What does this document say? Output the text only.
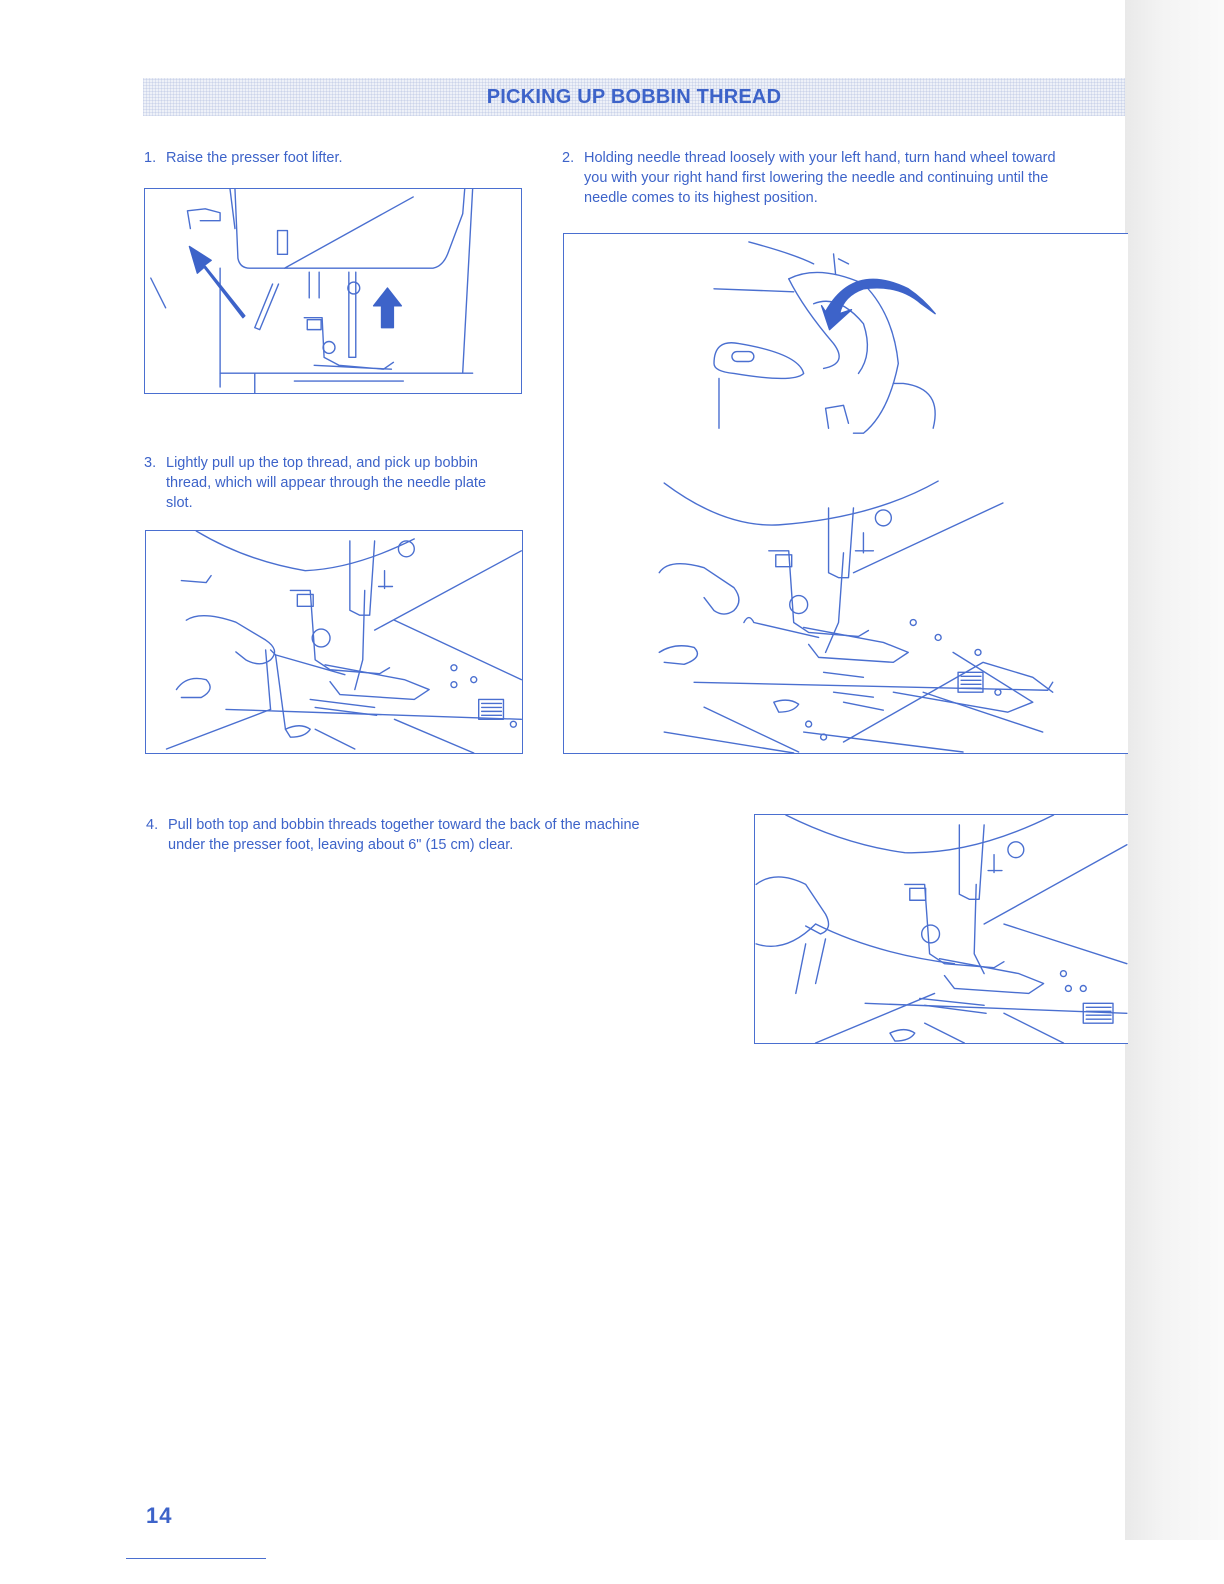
PICKING UP BOBBIN THREAD
1. Raise the presser foot lifter.	2. Holding needle thread loosely with your left hand, turn hand wheel toward
you with your right hand first lowering the needle and continuing until the
needle comes to its highest position.
3. Lightly pull up the top thread, and pick up bobbin
thread, which will appear through the needle plate
slot.
4. Pull both top and bobbin threads together toward the back of the machine
under the presser foot, leaving about 6" (15 cm) clear.
14
